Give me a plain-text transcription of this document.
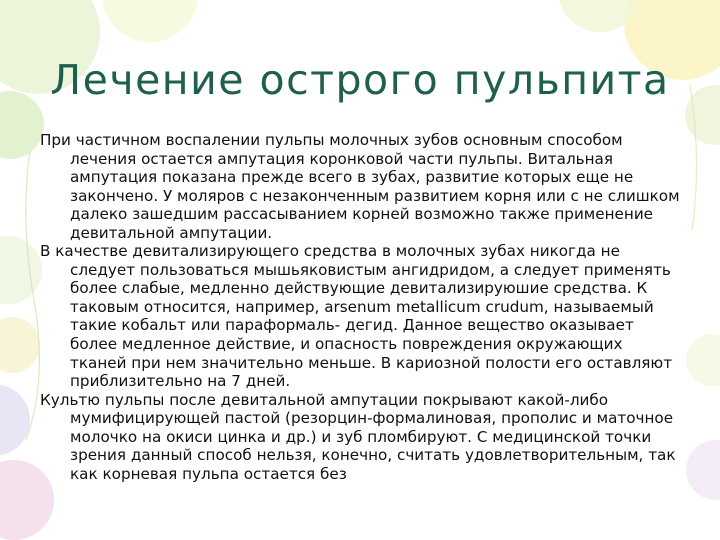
Лечение острого пульпита

При частичном воспалении пульпы молочных зубов основным способом лечения остается ампутация коронковой части пульпы. Витальная ампутация показана прежде всего в зубах, развитие которых еще не закончено. У моляров с незаконченным развитием корня или с не слишком далеко зашедшим рассасыванием корней возможно также применение девитальной ампутации.

В качестве девитализирующего средства в молочных зубах никогда не следует пользоваться мышьяковистым ангидридом, а следует применять более слабые, медленно действующие девитализируюшие средства. К таковым относится, например, arsenum metallicum crudum, называемый такие кобальт или параформаль- дегид. Данное вещество оказывает более медленное действие, и опасность повреждения окружающих тканей при нем значительно меньше. В кариозной полости его оставляют приблизительно на 7 дней.

Культю пульпы после девитальной ампутации покрывают какой-либо мумифицирующей пастой (резорцин-формалиновая, прополис и маточное молочко на окиси цинка и др.) и зуб пломбируют. С медицинской точки зрения данный способ нельзя, конечно, считать удовлетворительным, так как корневая пульпа остается без
